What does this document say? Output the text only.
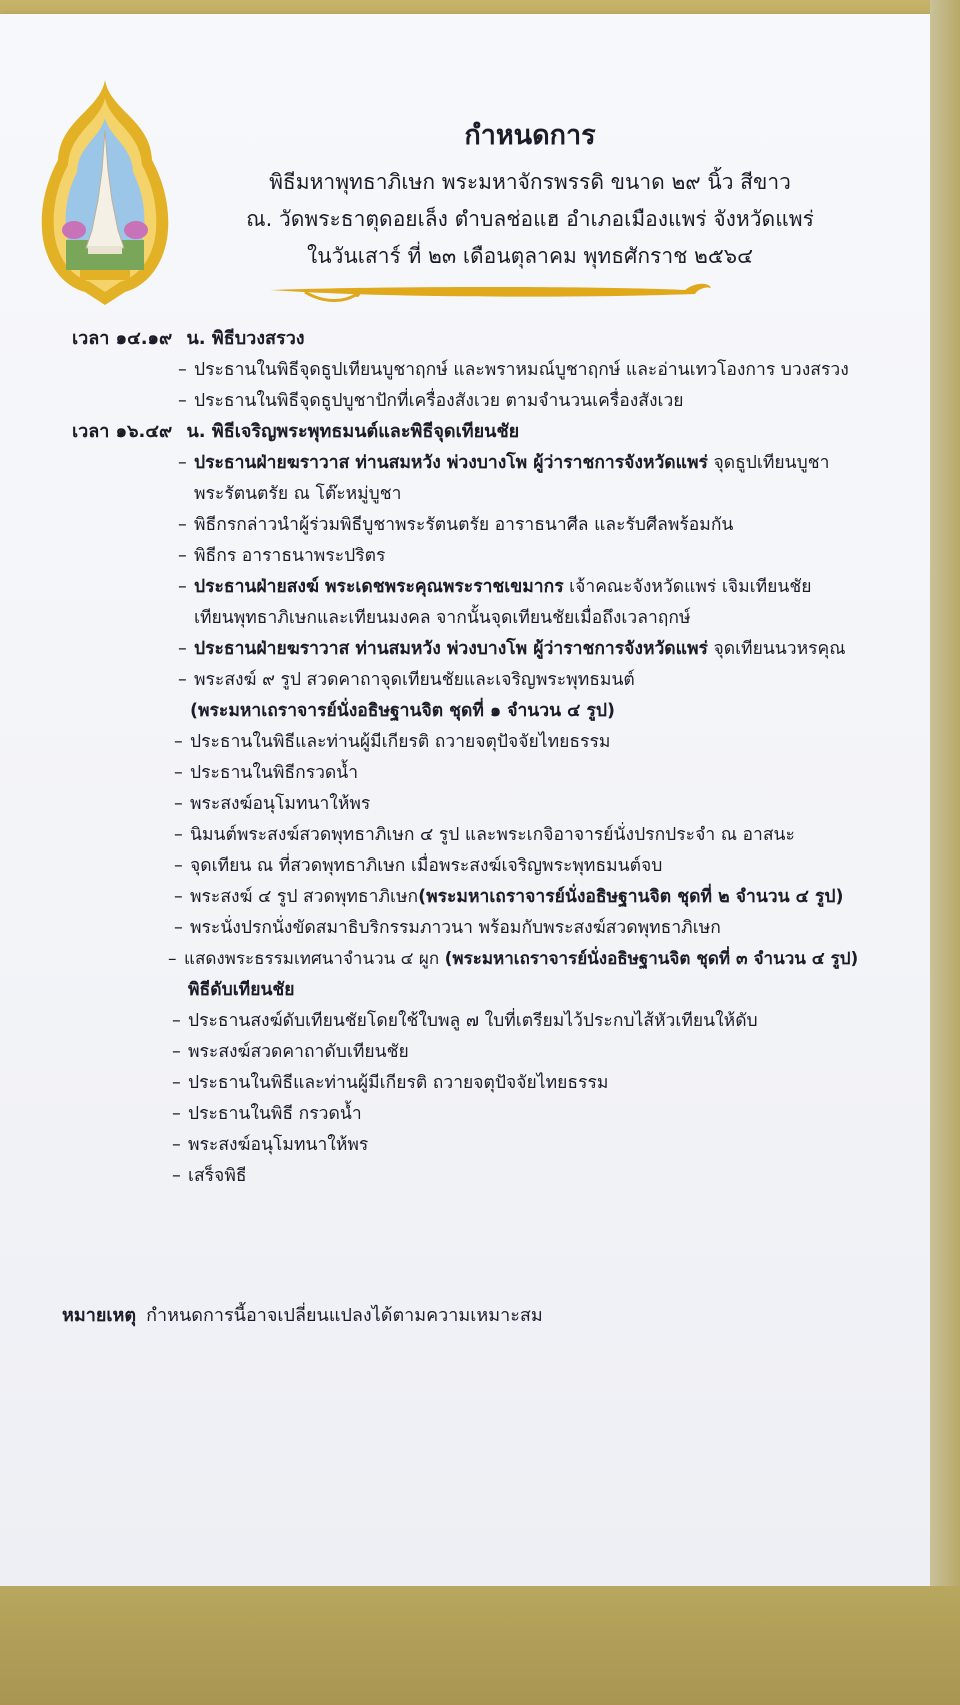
กำหนดการ
พิธีมหาพุทธาภิเษก พระมหาจักรพรรดิ ขนาด ๒๙ นิ้ว สีขาว
ณ. วัดพระธาตุดอยเล็ง ตำบลช่อแฮ อำเภอเมืองแพร่ จังหวัดแพร่
ในวันเสาร์ ที่ ๒๓ เดือนตุลาคม พุทธศักราช ๒๕๖๔
เวลา ๑๔.๑๙ น. พิธีบวงสรวง
– ประธานในพิธีจุดธูปเทียนบูชาฤกษ์ และพราหมณ์บูชาฤกษ์ และอ่านเทวโองการ บวงสรวง
– ประธานในพิธีจุดธูปบูชาปักที่เครื่องสังเวย ตามจำนวนเครื่องสังเวย
เวลา ๑๖.๔๙ น. พิธีเจริญพระพุทธมนต์และพิธีจุดเทียนชัย
– ประธานฝ่ายฆราวาส ท่านสมหวัง พ่วงบางโพ ผู้ว่าราชการจังหวัดแพร่ จุดธูปเทียนบูชา
พระรัตนตรัย ณ โต๊ะหมู่บูชา
– พิธีกรกล่าวนำผู้ร่วมพิธีบูชาพระรัตนตรัย อาราธนาศีล และรับศีลพร้อมกัน
– พิธีกร อาราธนาพระปริตร
– ประธานฝ่ายสงฆ์ พระเดชพระคุณพระราชเขมากร เจ้าคณะจังหวัดแพร่ เจิมเทียนชัย
เทียนพุทธาภิเษกและเทียนมงคล จากนั้นจุดเทียนชัยเมื่อถึงเวลาฤกษ์
– ประธานฝ่ายฆราวาส ท่านสมหวัง พ่วงบางโพ ผู้ว่าราชการจังหวัดแพร่ จุดเทียนนวหรคุณ
– พระสงฆ์ ๙ รูป สวดคาถาจุดเทียนชัยและเจริญพระพุทธมนต์
(พระมหาเถราจารย์นั่งอธิษฐานจิต ชุดที่ ๑ จำนวน ๔ รูป)
– ประธานในพิธีและท่านผู้มีเกียรติ ถวายจตุปัจจัยไทยธรรม
– ประธานในพิธีกรวดน้ำ
– พระสงฆ์อนุโมทนาให้พร
– นิมนต์พระสงฆ์สวดพุทธาภิเษก ๔ รูป และพระเกจิอาจารย์นั่งปรกประจำ ณ อาสนะ
– จุดเทียน ณ ที่สวดพุทธาภิเษก เมื่อพระสงฆ์เจริญพระพุทธมนต์จบ
– พระสงฆ์ ๔ รูป สวดพุทธาภิเษก(พระมหาเถราจารย์นั่งอธิษฐานจิต ชุดที่ ๒ จำนวน ๔ รูป)
– พระนั่งปรกนั่งขัดสมาธิบริกรรมภาวนา พร้อมกับพระสงฆ์สวดพุทธาภิเษก
– แสดงพระธรรมเทศนาจำนวน ๔ ผูก (พระมหาเถราจารย์นั่งอธิษฐานจิต ชุดที่ ๓ จำนวน ๔ รูป)
พิธีดับเทียนชัย
– ประธานสงฆ์ดับเทียนชัยโดยใช้ใบพลู ๗ ใบที่เตรียมไว้ประกบไส้หัวเทียนให้ดับ
– พระสงฆ์สวดคาถาดับเทียนชัย
– ประธานในพิธีและท่านผู้มีเกียรติ ถวายจตุปัจจัยไทยธรรม
– ประธานในพิธี กรวดน้ำ
– พระสงฆ์อนุโมทนาให้พร
– เสร็จพิธี
หมายเหตุ กำหนดการนี้อาจเปลี่ยนแปลงได้ตามความเหมาะสม
